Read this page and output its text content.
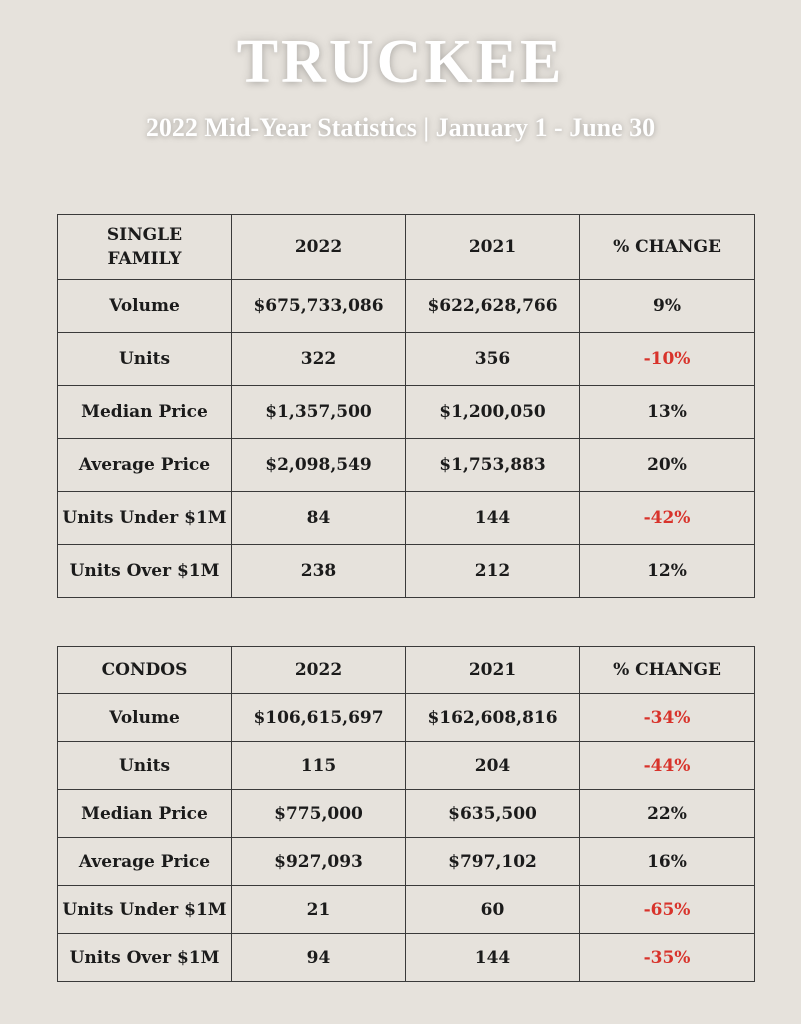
TRUCKEE
2022 Mid-Year Statistics | January 1 - June 30
SINGLE FAMILY	2022	2021	% CHANGE
Volume	$675,733,086	$622,628,766	9%
Units	322	356	-10%
Median Price	$1,357,500	$1,200,050	13%
Average Price	$2,098,549	$1,753,883	20%
Units Under $1M	84	144	-42%
Units Over $1M	238	212	12%
CONDOS	2022	2021	% CHANGE
Volume	$106,615,697	$162,608,816	-34%
Units	115	204	-44%
Median Price	$775,000	$635,500	22%
Average Price	$927,093	$797,102	16%
Units Under $1M	21	60	-65%
Units Over $1M	94	144	-35%
